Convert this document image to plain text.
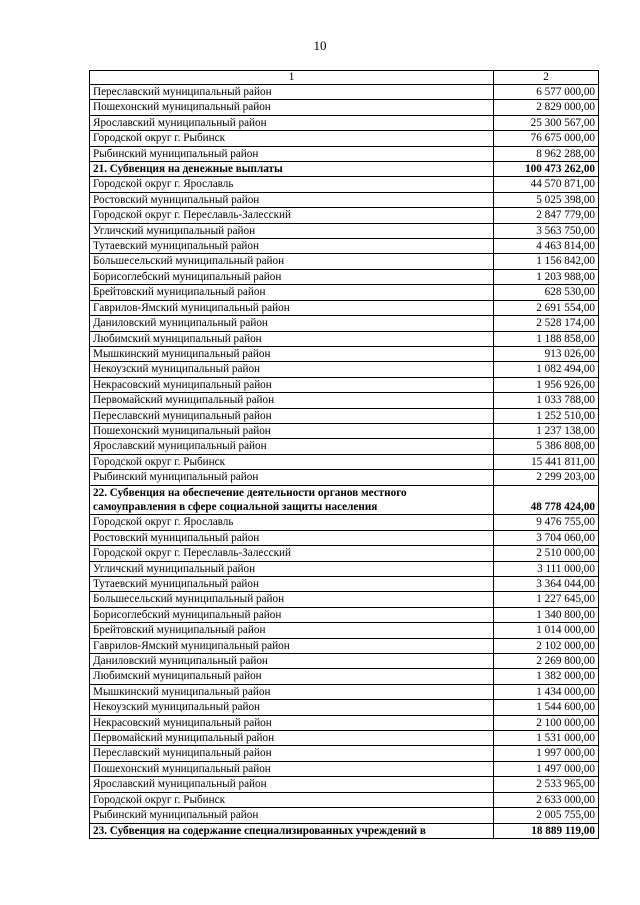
10
1	2
Переславский муниципальный район	6 577 000,00
Пошехонский муниципальный район	2 829 000,00
Ярославский муниципальный район	25 300 567,00
Городской округ г. Рыбинск	76 675 000,00
Рыбинский муниципальный район	8 962 288,00
21. Субвенция на денежные выплаты	100 473 262,00
Городской округ г. Ярославль	44 570 871,00
Ростовский муниципальный район	5 025 398,00
Городской округ г. Переславль-Залесский	2 847 779,00
Угличский муниципальный район	3 563 750,00
Тутаевский муниципальный район	4 463 814,00
Большесельский муниципальный район	1 156 842,00
Борисоглебский муниципальный район	1 203 988,00
Брейтовский муниципальный район	628 530,00
Гаврилов-Ямский муниципальный район	2 691 554,00
Даниловский муниципальный район	2 528 174,00
Любимский муниципальный район	1 188 858,00
Мышкинский муниципальный район	913 026,00
Некоузский муниципальный район	1 082 494,00
Некрасовский муниципальный район	1 956 926,00
Первомайский муниципальный район	1 033 788,00
Переславский муниципальный район	1 252 510,00
Пошехонский муниципальный район	1 237 138,00
Ярославский муниципальный район	5 386 808,00
Городской округ г. Рыбинск	15 441 811,00
Рыбинский муниципальный район	2 299 203,00
22. Субвенция на обеспечение деятельности органов местного самоуправления в сфере социальной защиты населения	48 778 424,00
Городской округ г. Ярославль	9 476 755,00
Ростовский муниципальный район	3 704 060,00
Городской округ г. Переславль-Залесский	2 510 000,00
Угличский муниципальный район	3 111 000,00
Тутаевский муниципальный район	3 364 044,00
Большесельский муниципальный район	1 227 645,00
Борисоглебский муниципальный район	1 340 800,00
Брейтовский муниципальный район	1 014 000,00
Гаврилов-Ямский муниципальный район	2 102 000,00
Даниловский муниципальный район	2 269 800,00
Любимский муниципальный район	1 382 000,00
Мышкинский муниципальный район	1 434 000,00
Некоузский муниципальный район	1 544 600,00
Некрасовский муниципальный район	2 100 000,00
Первомайский муниципальный район	1 531 000,00
Переславский муниципальный район	1 997 000,00
Пошехонский муниципальный район	1 497 000,00
Ярославский муниципальный район	2 533 965,00
Городской округ г. Рыбинск	2 633 000,00
Рыбинский муниципальный район	2 005 755,00
23. Субвенция на содержание специализированных учреждений в	18 889 119,00
